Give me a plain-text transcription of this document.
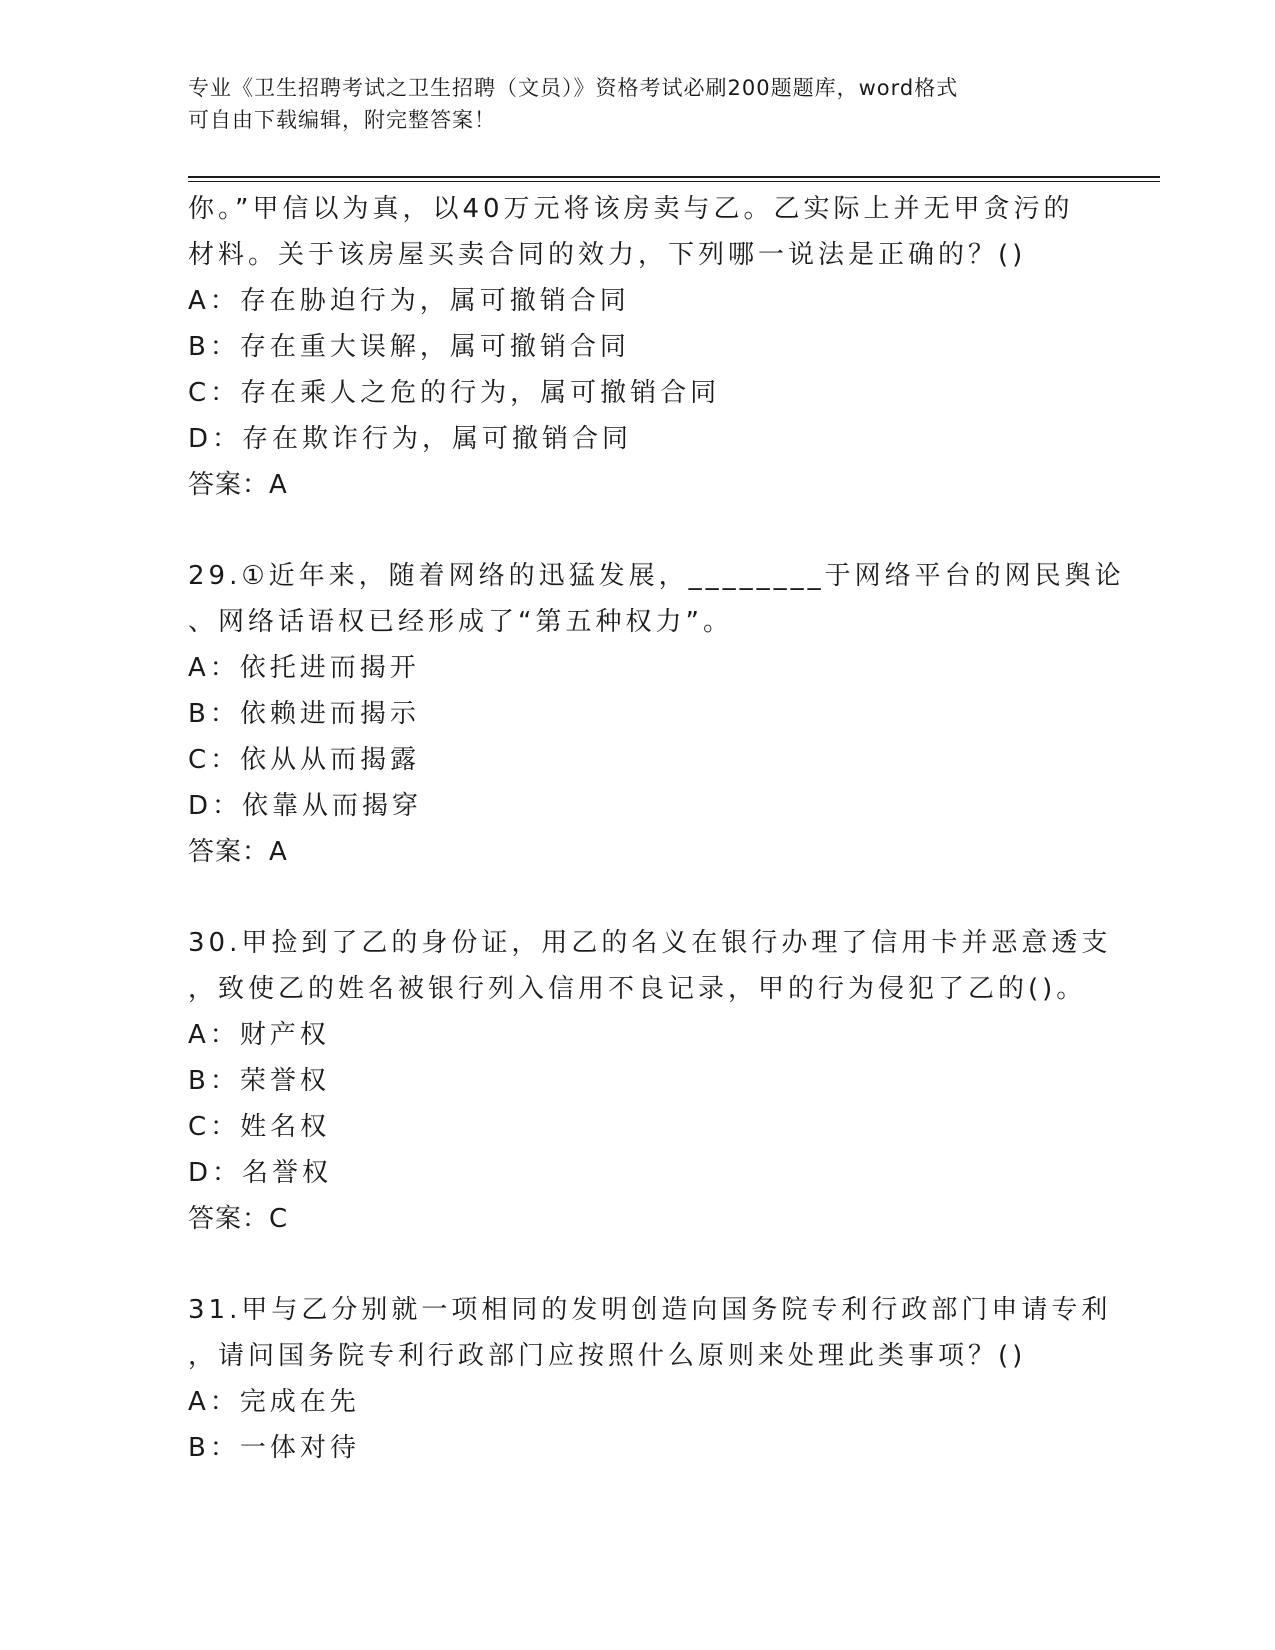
专业《卫生招聘考试之卫生招聘（文员）》资格考试必刷200题题库，word格式
可自由下载编辑，附完整答案！
你。”甲信以为真，以40万元将该房卖与乙。乙实际上并无甲贪污的
材料。关于该房屋买卖合同的效力，下列哪一说法是正确的？()
A：存在胁迫行为，属可撤销合同
B：存在重大误解，属可撤销合同
C：存在乘人之危的行为，属可撤销合同
D：存在欺诈行为，属可撤销合同
答案：A
29.①近年来，随着网络的迅猛发展，________于网络平台的网民舆论
、网络话语权已经形成了“第五种权力”。
A：依托进而揭开
B：依赖进而揭示
C：依从从而揭露
D：依靠从而揭穿
答案：A
30.甲捡到了乙的身份证，用乙的名义在银行办理了信用卡并恶意透支
，致使乙的姓名被银行列入信用不良记录，甲的行为侵犯了乙的()。
A：财产权
B：荣誉权
C：姓名权
D：名誉权
答案：C
31.甲与乙分别就一项相同的发明创造向国务院专利行政部门申请专利
，请问国务院专利行政部门应按照什么原则来处理此类事项？()
A：完成在先
B：一体对待
